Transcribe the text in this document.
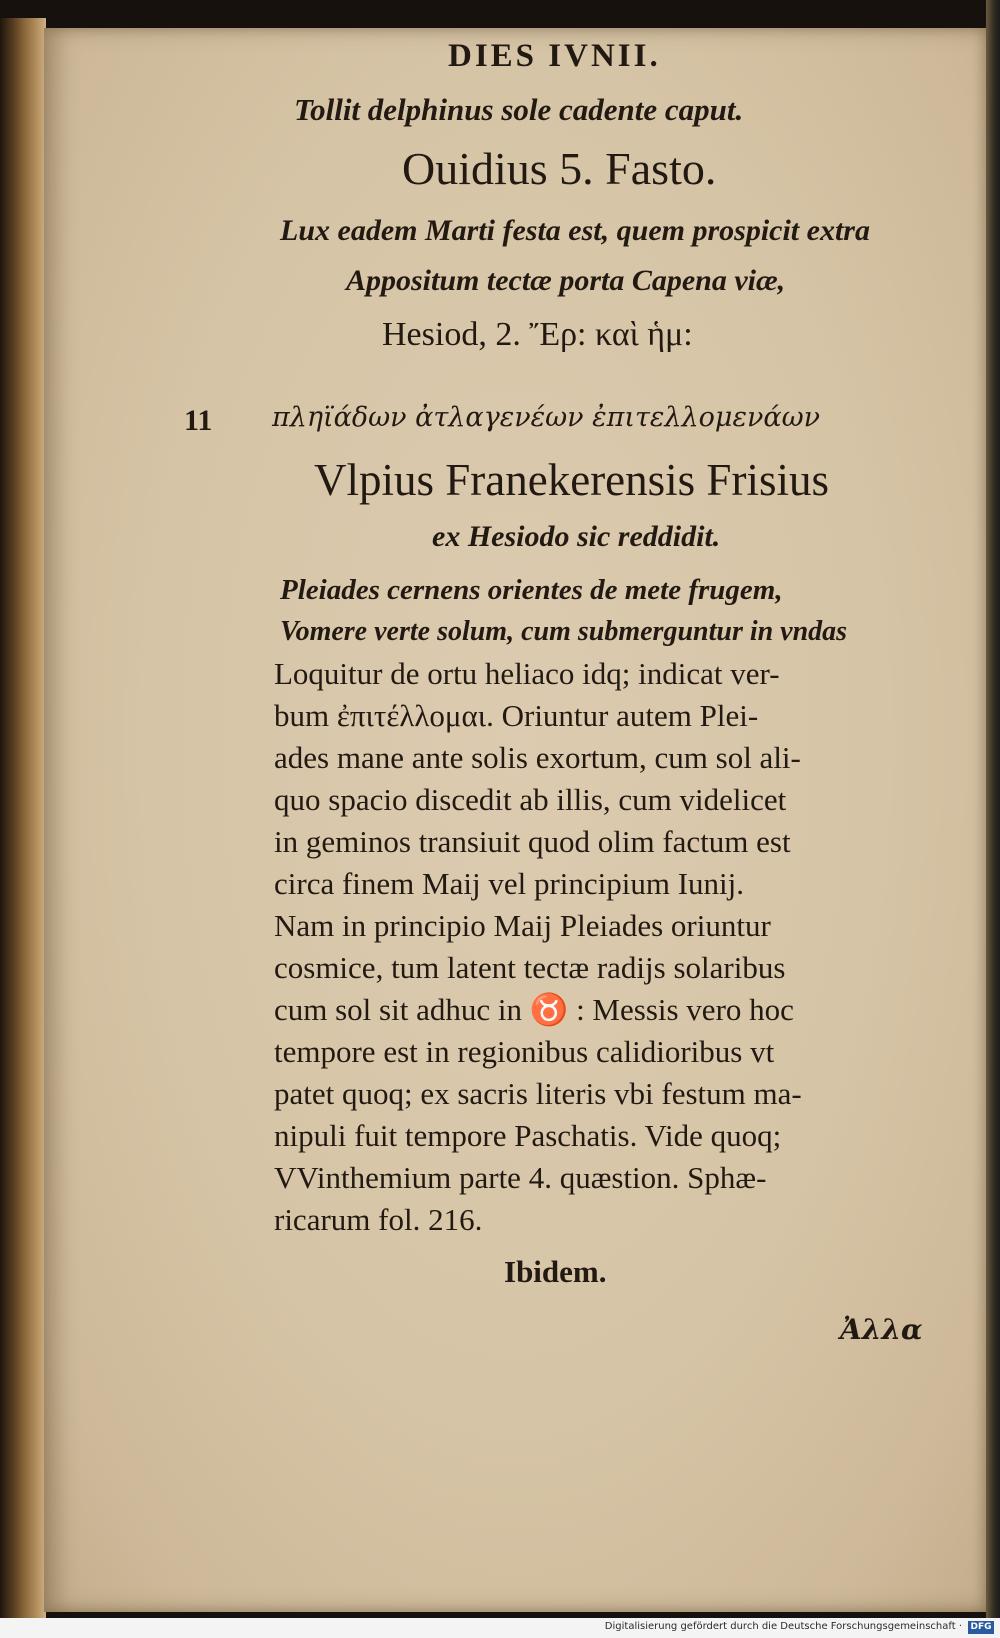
DIES IVNII.

Tollit delphinus sole cadente caput.

Ouidius 5. Fasto.

Lux eadem Marti festa est, quem prospicit extra

Appositum tectæ porta Capena viæ,

Hesiod, 2. Ἔρ: καὶ ἡμ:

11 πληϊάδων ἀτλαγενέων ἐπιτελλομενάων

Vlpius Franekerensis Frisius

ex Hesiodo sic reddidit.

Pleiades cernens orientes de mete frugem,

Vomere verte solum, cum submerguntur in vndas

Loquitur de ortu heliaco idq; indicat ver-

bum ἐπιτέλλομαι. Oriuntur autem Plei-

ades mane ante solis exortum, cum sol ali-

quo spacio discedit ab illis, cum videlicet

in geminos transiuit quod olim factum est

circa finem Maij vel principium Iunij.

Nam in principio Maij Pleiades oriuntur

cosmice, tum latent tectæ radijs solaribus

cum sol sit adhuc in ♉ : Messis vero hoc

tempore est in regionibus calidioribus vt

patet quoq; ex sacris literis vbi festum ma-

nipuli fuit tempore Paschatis. Vide quoq;

VVinthemium parte 4. quæstion. Sphæ-

ricarum fol. 216.

Ibidem.

Ἀλλα

Digitalisierung gefördert durch die Deutsche Forschungsgemeinschaft · DFG
